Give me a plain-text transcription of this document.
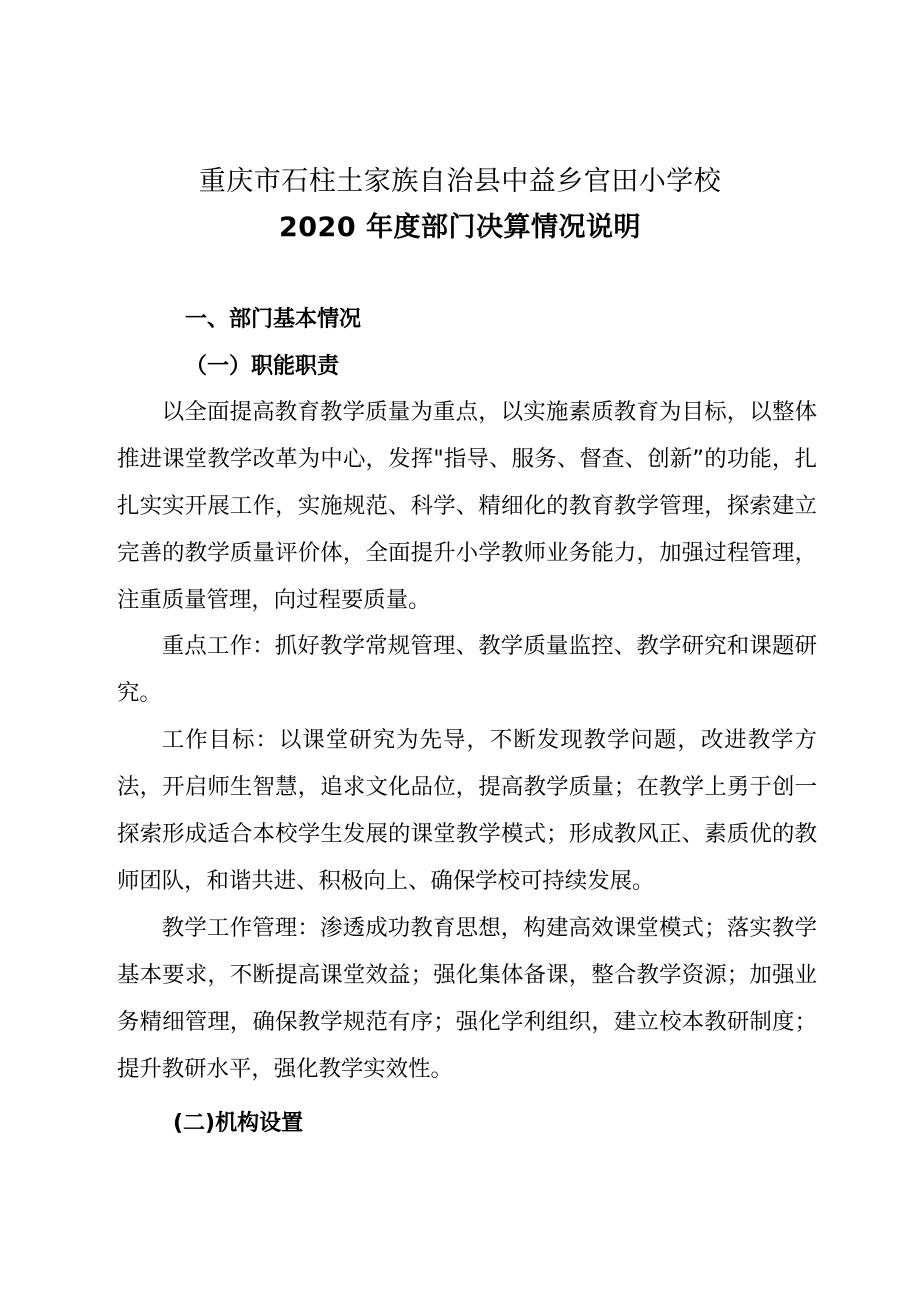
重庆市石柱土家族自治县中益乡官田小学校
2020 年度部门决算情况说明
一、部门基本情况
（一）职能职责

以全面提高教育教学质量为重点，以实施素质教育为目标，以整体推进课堂教学改革为中心，发挥"指导、服务、督查、创新”的功能，扎扎实实开展工作，实施规范、科学、精细化的教育教学管理，探索建立完善的教学质量评价体，全面提升小学教师业务能力，加强过程管理，注重质量管理，向过程要质量。

重点工作：抓好教学常规管理、教学质量监控、教学研究和课题研究。

工作目标：以课堂研究为先导，不断发现教学问题，改进教学方法，开启师生智慧，追求文化品位，提高教学质量；在教学上勇于创一探索形成适合本校学生发展的课堂教学模式；形成教风正、素质优的教师团队，和谐共进、积极向上、确保学校可持续发展。

教学工作管理：渗透成功教育思想，构建高效课堂模式；落实教学基本要求，不断提高课堂效益；强化集体备课，整合教学资源；加强业务精细管理，确保教学规范有序；强化学利组织，建立校本教研制度；提升教研水平，强化教学实效性。

(二)机构设置
